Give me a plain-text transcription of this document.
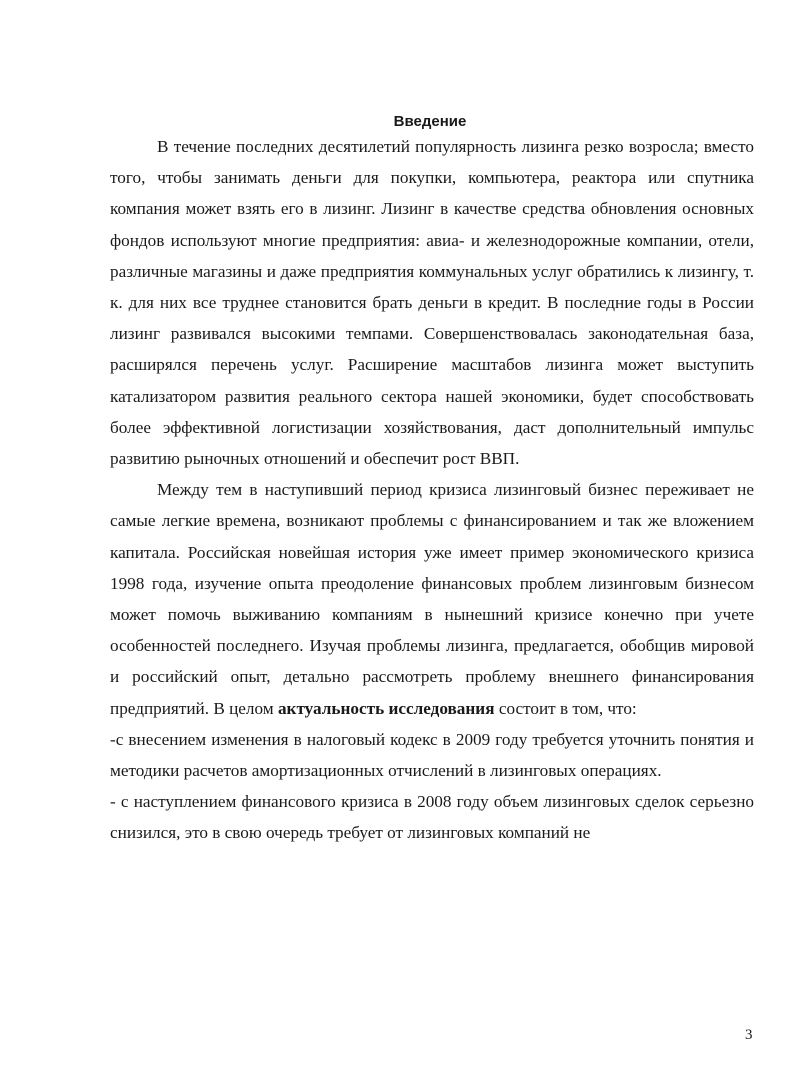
Введение

В течение последних десятилетий популярность лизинга резко возросла; вместо того, чтобы занимать деньги для покупки, компьютера, реактора или спутника компания может взять его в лизинг. Лизинг в качестве средства обновления основных фондов используют многие предприятия: авиа- и железнодорожные компании, отели, различные магазины и даже предприятия коммунальных услуг обратились к лизингу, т. к. для них все труднее становится брать деньги в кредит. В последние годы в России лизинг развивался высокими темпами. Совершенствовалась законодательная база, расширялся перечень услуг. Расширение масштабов лизинга может выступить катализатором развития реального сектора нашей экономики, будет способствовать более эффективной логистизации хозяйствования, даст дополнительный импульс развитию рыночных отношений и обеспечит рост ВВП.

Между тем в наступивший период кризиса лизинговый бизнес переживает не самые легкие времена, возникают проблемы с финансированием и так же вложением капитала. Российская новейшая история уже имеет пример экономического кризиса 1998 года, изучение опыта преодоление финансовых проблем лизинговым бизнесом может помочь выживанию компаниям в нынешний кризисе конечно при учете особенностей последнего. Изучая проблемы лизинга, предлагается, обобщив мировой и российский опыт, детально рассмотреть проблему внешнего финансирования предприятий. В целом актуальность исследования состоит в том, что:

-с внесением изменения в налоговый кодекс в 2009 году требуется уточнить понятия и методики расчетов амортизационных отчислений в лизинговых операциях.

- с наступлением финансового кризиса в 2008 году объем лизинговых сделок серьезно снизился, это в свою очередь требует от лизинговых компаний не

3
